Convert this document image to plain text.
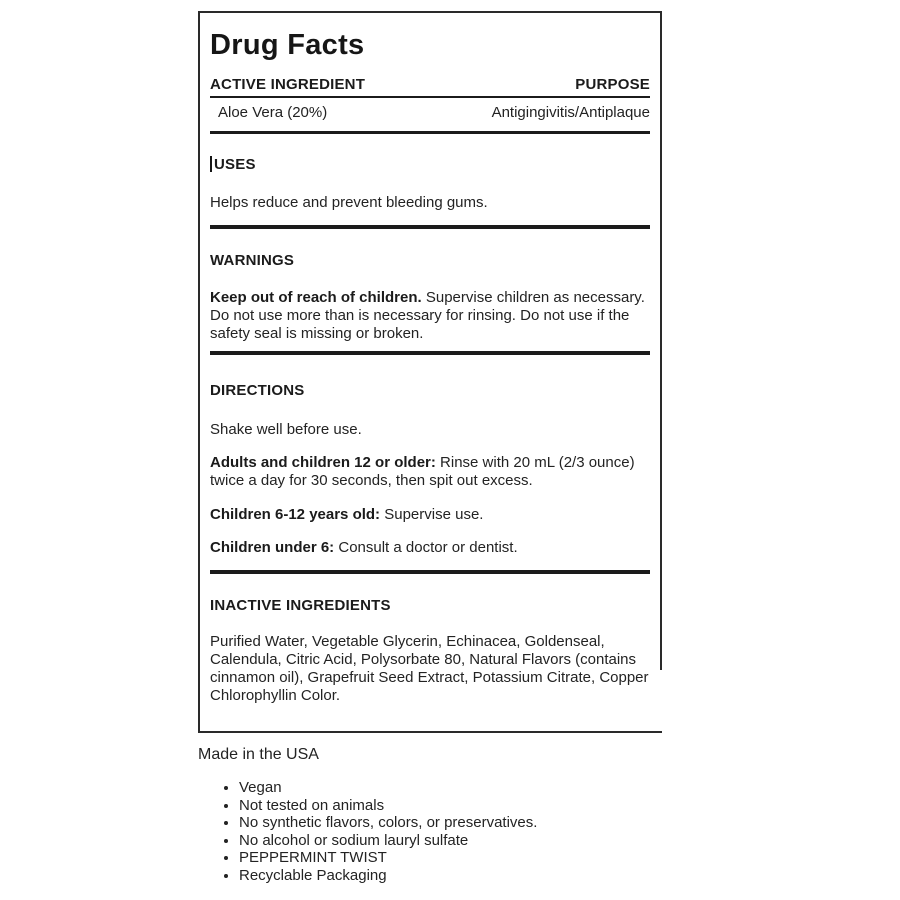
Drug Facts
ACTIVE INGREDIENT	PURPOSE
Aloe Vera (20%)	Antigingivitis/Antiplaque
USES

Helps reduce and prevent bleeding gums.

WARNINGS

Keep out of reach of children. Supervise children as necessary. Do not use more than is necessary for rinsing. Do not use if the safety seal is missing or broken.

DIRECTIONS

Shake well before use.

Adults and children 12 or older: Rinse with 20 mL (2/3 ounce) twice a day for 30 seconds, then spit out excess.

Children 6-12 years old: Supervise use.

Children under 6: Consult a doctor or dentist.

INACTIVE INGREDIENTS

Purified Water, Vegetable Glycerin, Echinacea, Goldenseal, Calendula, Citric Acid, Polysorbate 80, Natural Flavors (contains cinnamon oil), Grapefruit Seed Extract, Potassium Citrate, Copper Chlorophyllin Color.

Made in the USA
• Vegan
• Not tested on animals
• No synthetic flavors, colors, or preservatives.
• No alcohol or sodium lauryl sulfate
• PEPPERMINT TWIST
• Recyclable Packaging
